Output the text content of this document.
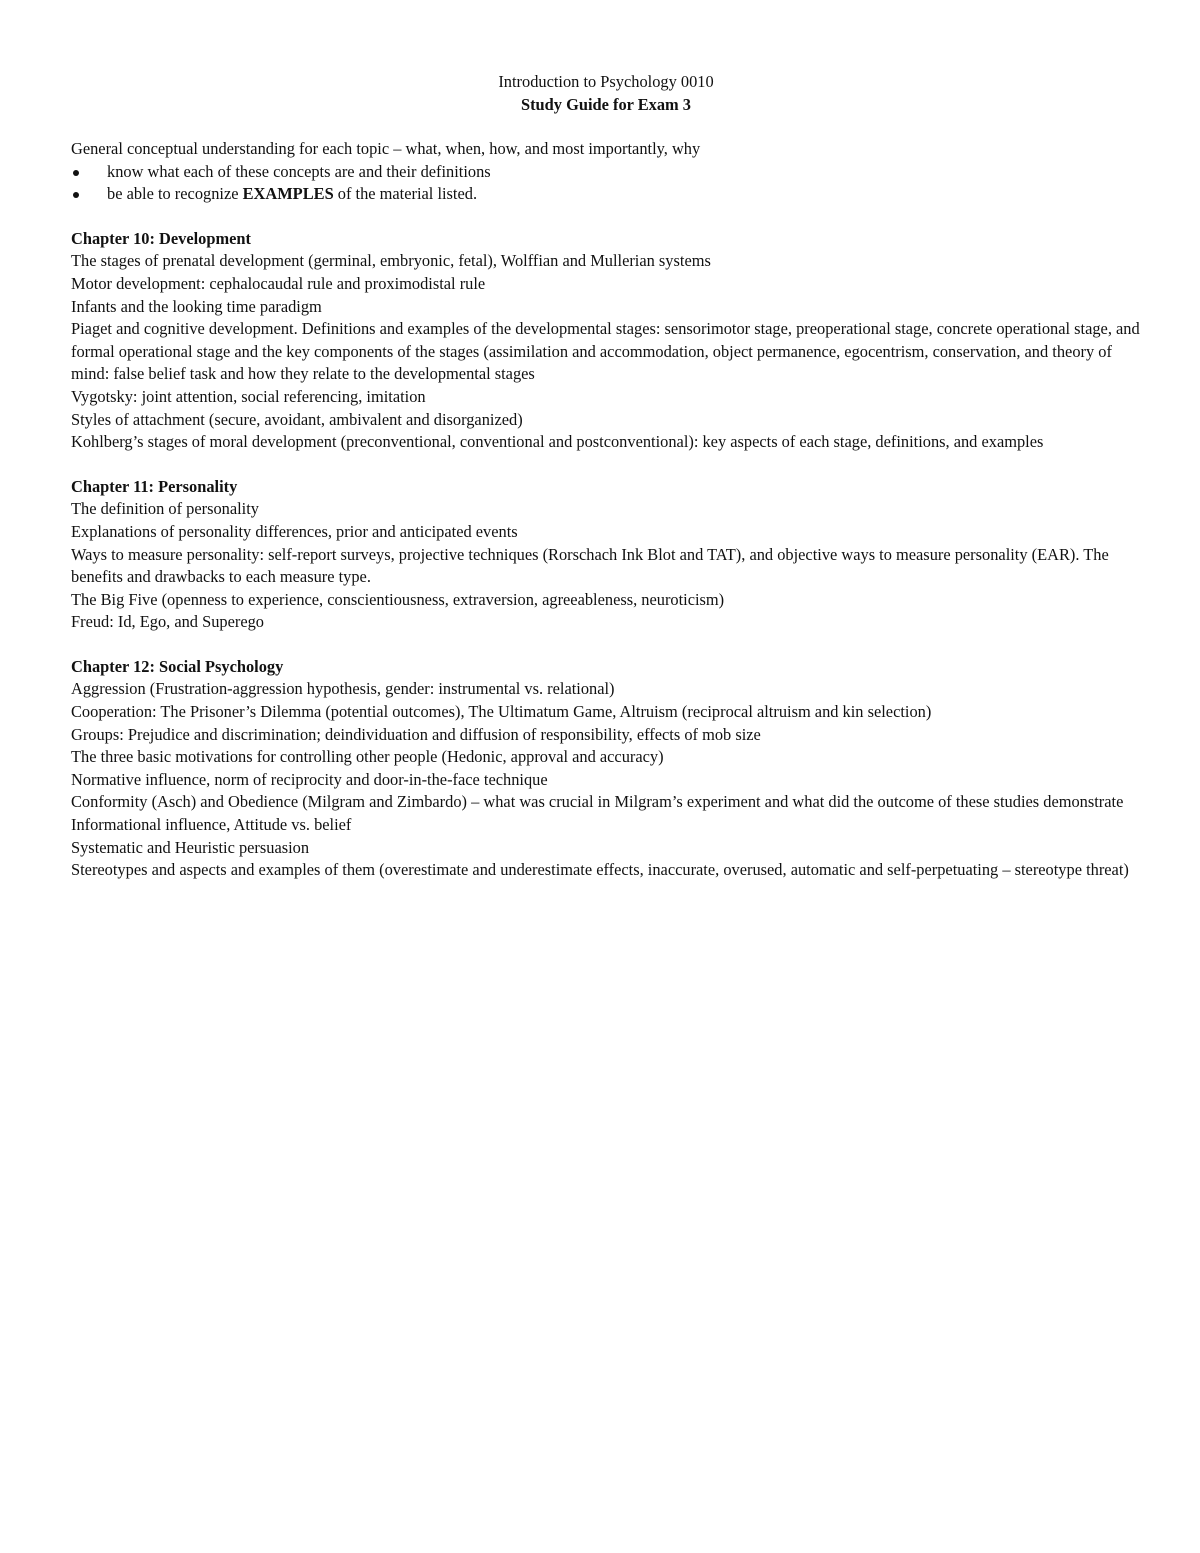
Introduction to Psychology 0010
Study Guide for Exam 3

General conceptual understanding for each topic – what, when, how, and most importantly, why

know what each of these concepts are and their definitions
be able to recognize EXAMPLES of the material listed.
Chapter 10: Development

The stages of prenatal development (germinal, embryonic, fetal), Wolffian and Mullerian systems

Motor development: cephalocaudal rule and proximodistal rule

Infants and the looking time paradigm

Piaget and cognitive development. Definitions and examples of the developmental stages: sensorimotor stage, preoperational stage, concrete operational stage, and formal operational stage and the key components of the stages (assimilation and accommodation, object permanence, egocentrism, conservation, and theory of mind: false belief task and how they relate to the developmental stages

Vygotsky: joint attention, social referencing, imitation

Styles of attachment (secure, avoidant, ambivalent and disorganized)

Kohlberg’s stages of moral development (preconventional, conventional and postconventional): key aspects of each stage, definitions, and examples

Chapter 11: Personality

The definition of personality

Explanations of personality differences, prior and anticipated events

Ways to measure personality: self-report surveys, projective techniques (Rorschach Ink Blot and TAT), and objective ways to measure personality (EAR). The benefits and drawbacks to each measure type.

The Big Five (openness to experience, conscientiousness, extraversion, agreeableness, neuroticism)

Freud: Id, Ego, and Superego

Chapter 12: Social Psychology

Aggression (Frustration-aggression hypothesis, gender: instrumental vs. relational)

Cooperation: The Prisoner’s Dilemma (potential outcomes), The Ultimatum Game, Altruism (reciprocal altruism and kin selection)

Groups: Prejudice and discrimination; deindividuation and diffusion of responsibility, effects of mob size

The three basic motivations for controlling other people (Hedonic, approval and accuracy)

Normative influence, norm of reciprocity and door-in-the-face technique

Conformity (Asch) and Obedience (Milgram and Zimbardo) – what was crucial in Milgram’s experiment and what did the outcome of these studies demonstrate

Informational influence, Attitude vs. belief

Systematic and Heuristic persuasion

Stereotypes and aspects and examples of them (overestimate and underestimate effects, inaccurate, overused, automatic and self-perpetuating – stereotype threat)
